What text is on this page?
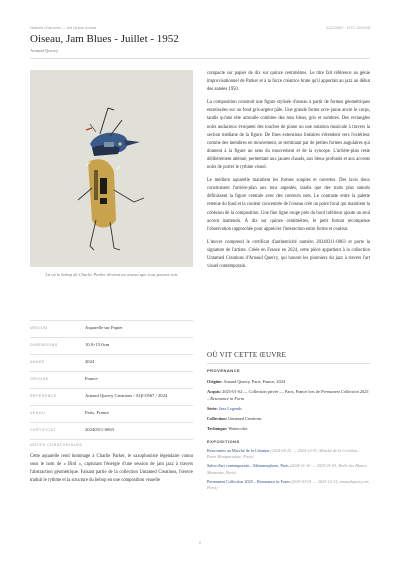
Notices d'œuvres — Art Quam Anima	AQC0567 · NTC-000165
Oiseau, Jam Blues - Juillet - 1952
Arnaud Quercy
Là où le bebop de Charlie Parker devient un oiseau que vous pouvez voir
MÉDIUM	Aquarelle sur Papier
DIMENSIONS	10.0×15.0cm
ANNÉE	2024
ORIGINE	France
RÉFÉRENCE	Arnaud Quercy Creations / AQC0567 / 2024
VENDU	Paris, France
CERTIFICAT	20240311-0063
NOTES CURATORIALES
Cette aquarelle rend hommage à Charlie Parker, le saxophoniste légendaire connu sous le nom de « Bird », capturant l'énergie d'une session de jam jazz à travers l'abstraction géométrique. Faisant partie de la collection Untamed Creations, l'œuvre traduit le rythme et la structure du bebop en une composition visuelle

compacte sur papier de dix sur quinze centimètres. Le titre fait référence au génie improvisationnel de Parker et à la force créatrice brute qu'il apportait au jazz au début des années 1950.

La composition construit une figure stylisée d'oiseau à partir de formes géométriques entrelacées sur un fond gris-argent pâle. Une grande forme ocre-jaune ancre le corps, tandis qu'une tête arrondie combine des tons bleus, gris et sombres. Des rectangles noirs audacieux évoquent des touches de piano ou une notation musicale à travers la section médiane de la figure. De fines extensions linéaires s'étendent vers l'extérieur comme des membres en mouvement, se terminant par de petites formes angulaires qui donnent à la figure un sens du mouvement et de la syncope. L'arrière-plan reste délibérément atténué, permettant aux jaunes chauds, aux bleus profonds et aux accents noirs de porter le rythme visuel.

Le médium aquarelle maintient les formes souples et ouvertes. Des lavis doux construisent l'arrière-plan aux tons argentés, tandis que des traits plus saturés définissent la figure centrale avec des contours nets. Le contraste entre la palette retenue du fond et la couleur concentrée de l'oiseau crée un point focal qui maintient la cohésion de la composition. Une fine ligne rouge près du bord inférieur ajoute un seul accent inattendu. À dix sur quinze centimètres, le petit format récompense l'observation rapprochée pour apprécier l'interaction entre forme et couleur.

L'œuvre comprend le certificat d'authenticité numéro 20240311-0063 et porte la signature de l'artiste. Créée en France en 2024, cette pièce appartient à la collection Untamed Creations d'Arnaud Quercy, qui honore les pionniers du jazz à travers l'art visuel contemporain.

OÙ VIT CETTE ŒUVRE
PROVENANCE
Origine: Arnaud Quercy, Paris, France, 2024
Acquis: 2025-01-02 — Collection privée — Paris, France lors de Permanent Collection 2025 – Resonance in Form
Série: Jazz Legends
Collection: Untamed Creations
Technique: Watercolor
EXPOSITIONS
Rencontres au Marché de la Création (2024-04-25 → 2024-12-31, Marché de la Création – Paris Montparnasse, Paris)
Salon d'art contemporain – Metamorphose, Paris (2024-11-16 → 2025-01-05, Halle des Blancs Manteaux, Paris)
Permanent Collection 2025 – Resonance in Form (2025-01-01 → 2025-12-31, arnaudquercy.art, Paris)
2
